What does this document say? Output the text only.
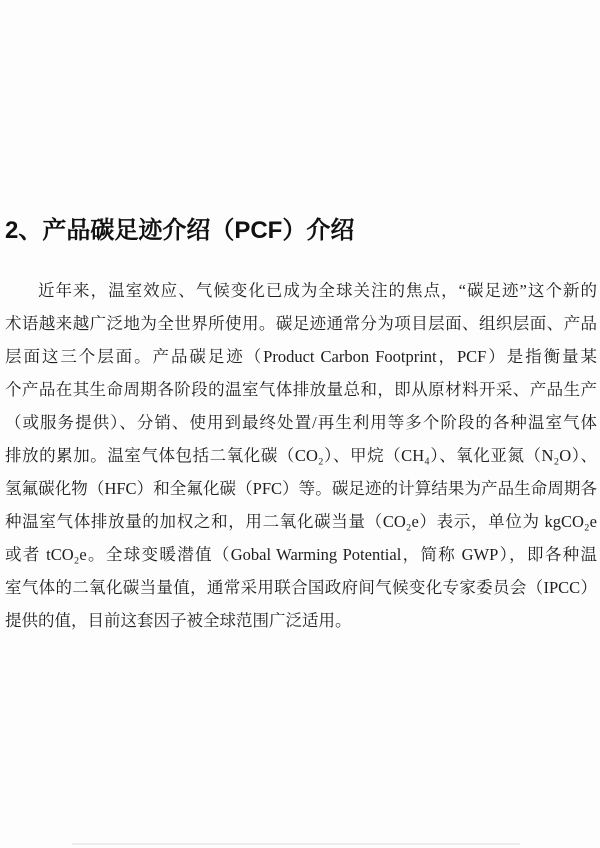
2、产品碳足迹介绍（PCF）介绍
近年来，温室效应、气候变化已成为全球关注的焦点，“碳足迹”这个新的
术语越来越广泛地为全世界所使用。碳足迹通常分为项目层面、组织层面、产品
层面这三个层面。产品碳足迹（Product Carbon Footprint，PCF）是指衡量某
个产品在其生命周期各阶段的温室气体排放量总和，即从原材料开采、产品生产
（或服务提供）、分销、使用到最终处置/再生利用等多个阶段的各种温室气体
排放的累加。温室气体包括二氧化碳（CO₂）、甲烷（CH₄）、氧化亚氮（N₂O）、
氢氟碳化物（HFC）和全氟化碳（PFC）等。碳足迹的计算结果为产品生命周期各
种温室气体排放量的加权之和，用二氧化碳当量（CO₂e）表示，单位为 kgCO₂e
或者 tCO₂e。全球变暖潜值（Gobal Warming Potential，简称 GWP），即各种温
室气体的二氧化碳当量值，通常采用联合国政府间气候变化专家委员会（IPCC）
提供的值，目前这套因子被全球范围广泛适用。
